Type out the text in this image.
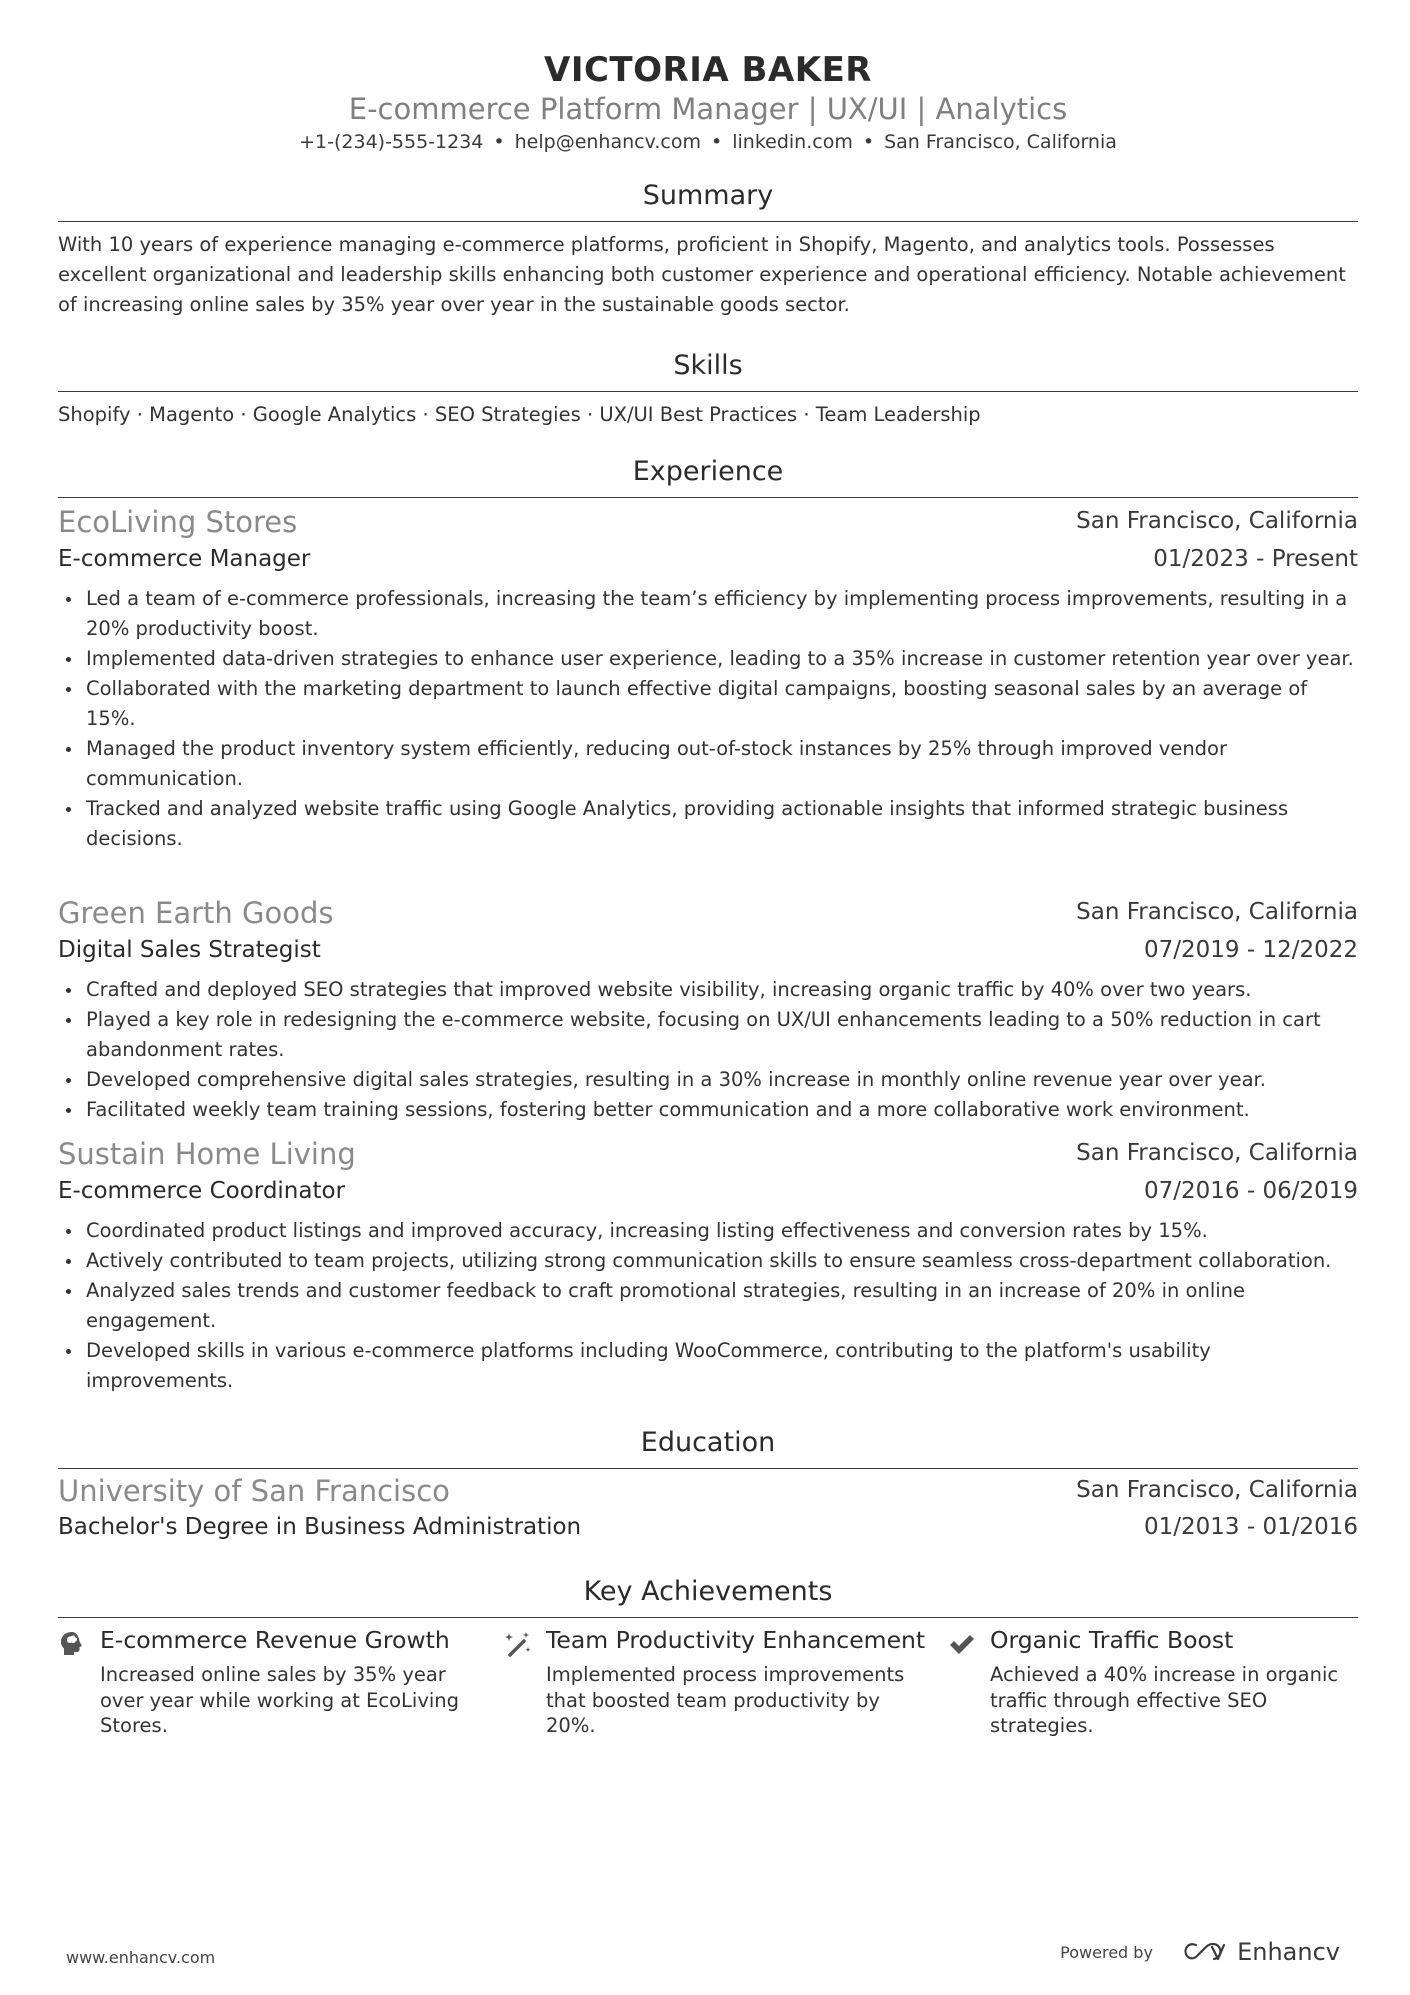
VICTORIA BAKER
E-commerce Platform Manager | UX/UI | Analytics
+1-(234)-555-1234 • help@enhancv.com • linkedin.com • San Francisco, California
Summary
With 10 years of experience managing e-commerce platforms, proficient in Shopify, Magento, and analytics tools. Possesses excellent organizational and leadership skills enhancing both customer experience and operational efficiency. Notable achievement of increasing online sales by 35% year over year in the sustainable goods sector.
Skills
Shopify · Magento · Google Analytics · SEO Strategies · UX/UI Best Practices · Team Leadership
Experience
EcoLiving Stores	San Francisco, California
E-commerce Manager	01/2023 - Present
Led a team of e-commerce professionals, increasing the team’s efficiency by implementing process improvements, resulting in a 20% productivity boost.
Implemented data-driven strategies to enhance user experience, leading to a 35% increase in customer retention year over year.
Collaborated with the marketing department to launch effective digital campaigns, boosting seasonal sales by an average of 15%.
Managed the product inventory system efficiently, reducing out-of-stock instances by 25% through improved vendor communication.
Tracked and analyzed website traffic using Google Analytics, providing actionable insights that informed strategic business decisions.
Green Earth Goods	San Francisco, California
Digital Sales Strategist	07/2019 - 12/2022
Crafted and deployed SEO strategies that improved website visibility, increasing organic traffic by 40% over two years.
Played a key role in redesigning the e-commerce website, focusing on UX/UI enhancements leading to a 50% reduction in cart abandonment rates.
Developed comprehensive digital sales strategies, resulting in a 30% increase in monthly online revenue year over year.
Facilitated weekly team training sessions, fostering better communication and a more collaborative work environment.
Sustain Home Living	San Francisco, California
E-commerce Coordinator	07/2016 - 06/2019
Coordinated product listings and improved accuracy, increasing listing effectiveness and conversion rates by 15%.
Actively contributed to team projects, utilizing strong communication skills to ensure seamless cross-department collaboration.
Analyzed sales trends and customer feedback to craft promotional strategies, resulting in an increase of 20% in online engagement.
Developed skills in various e-commerce platforms including WooCommerce, contributing to the platform's usability improvements.
Education
University of San Francisco	San Francisco, California
Bachelor's Degree in Business Administration	01/2013 - 01/2016
Key Achievements
E-commerce Revenue Growth
Increased online sales by 35% year over year while working at EcoLiving Stores.
Team Productivity Enhancement
Implemented process improvements that boosted team productivity by 20%.
Organic Traffic Boost
Achieved a 40% increase in organic traffic through effective SEO strategies.
www.enhancv.com	Powered by	Enhancv
